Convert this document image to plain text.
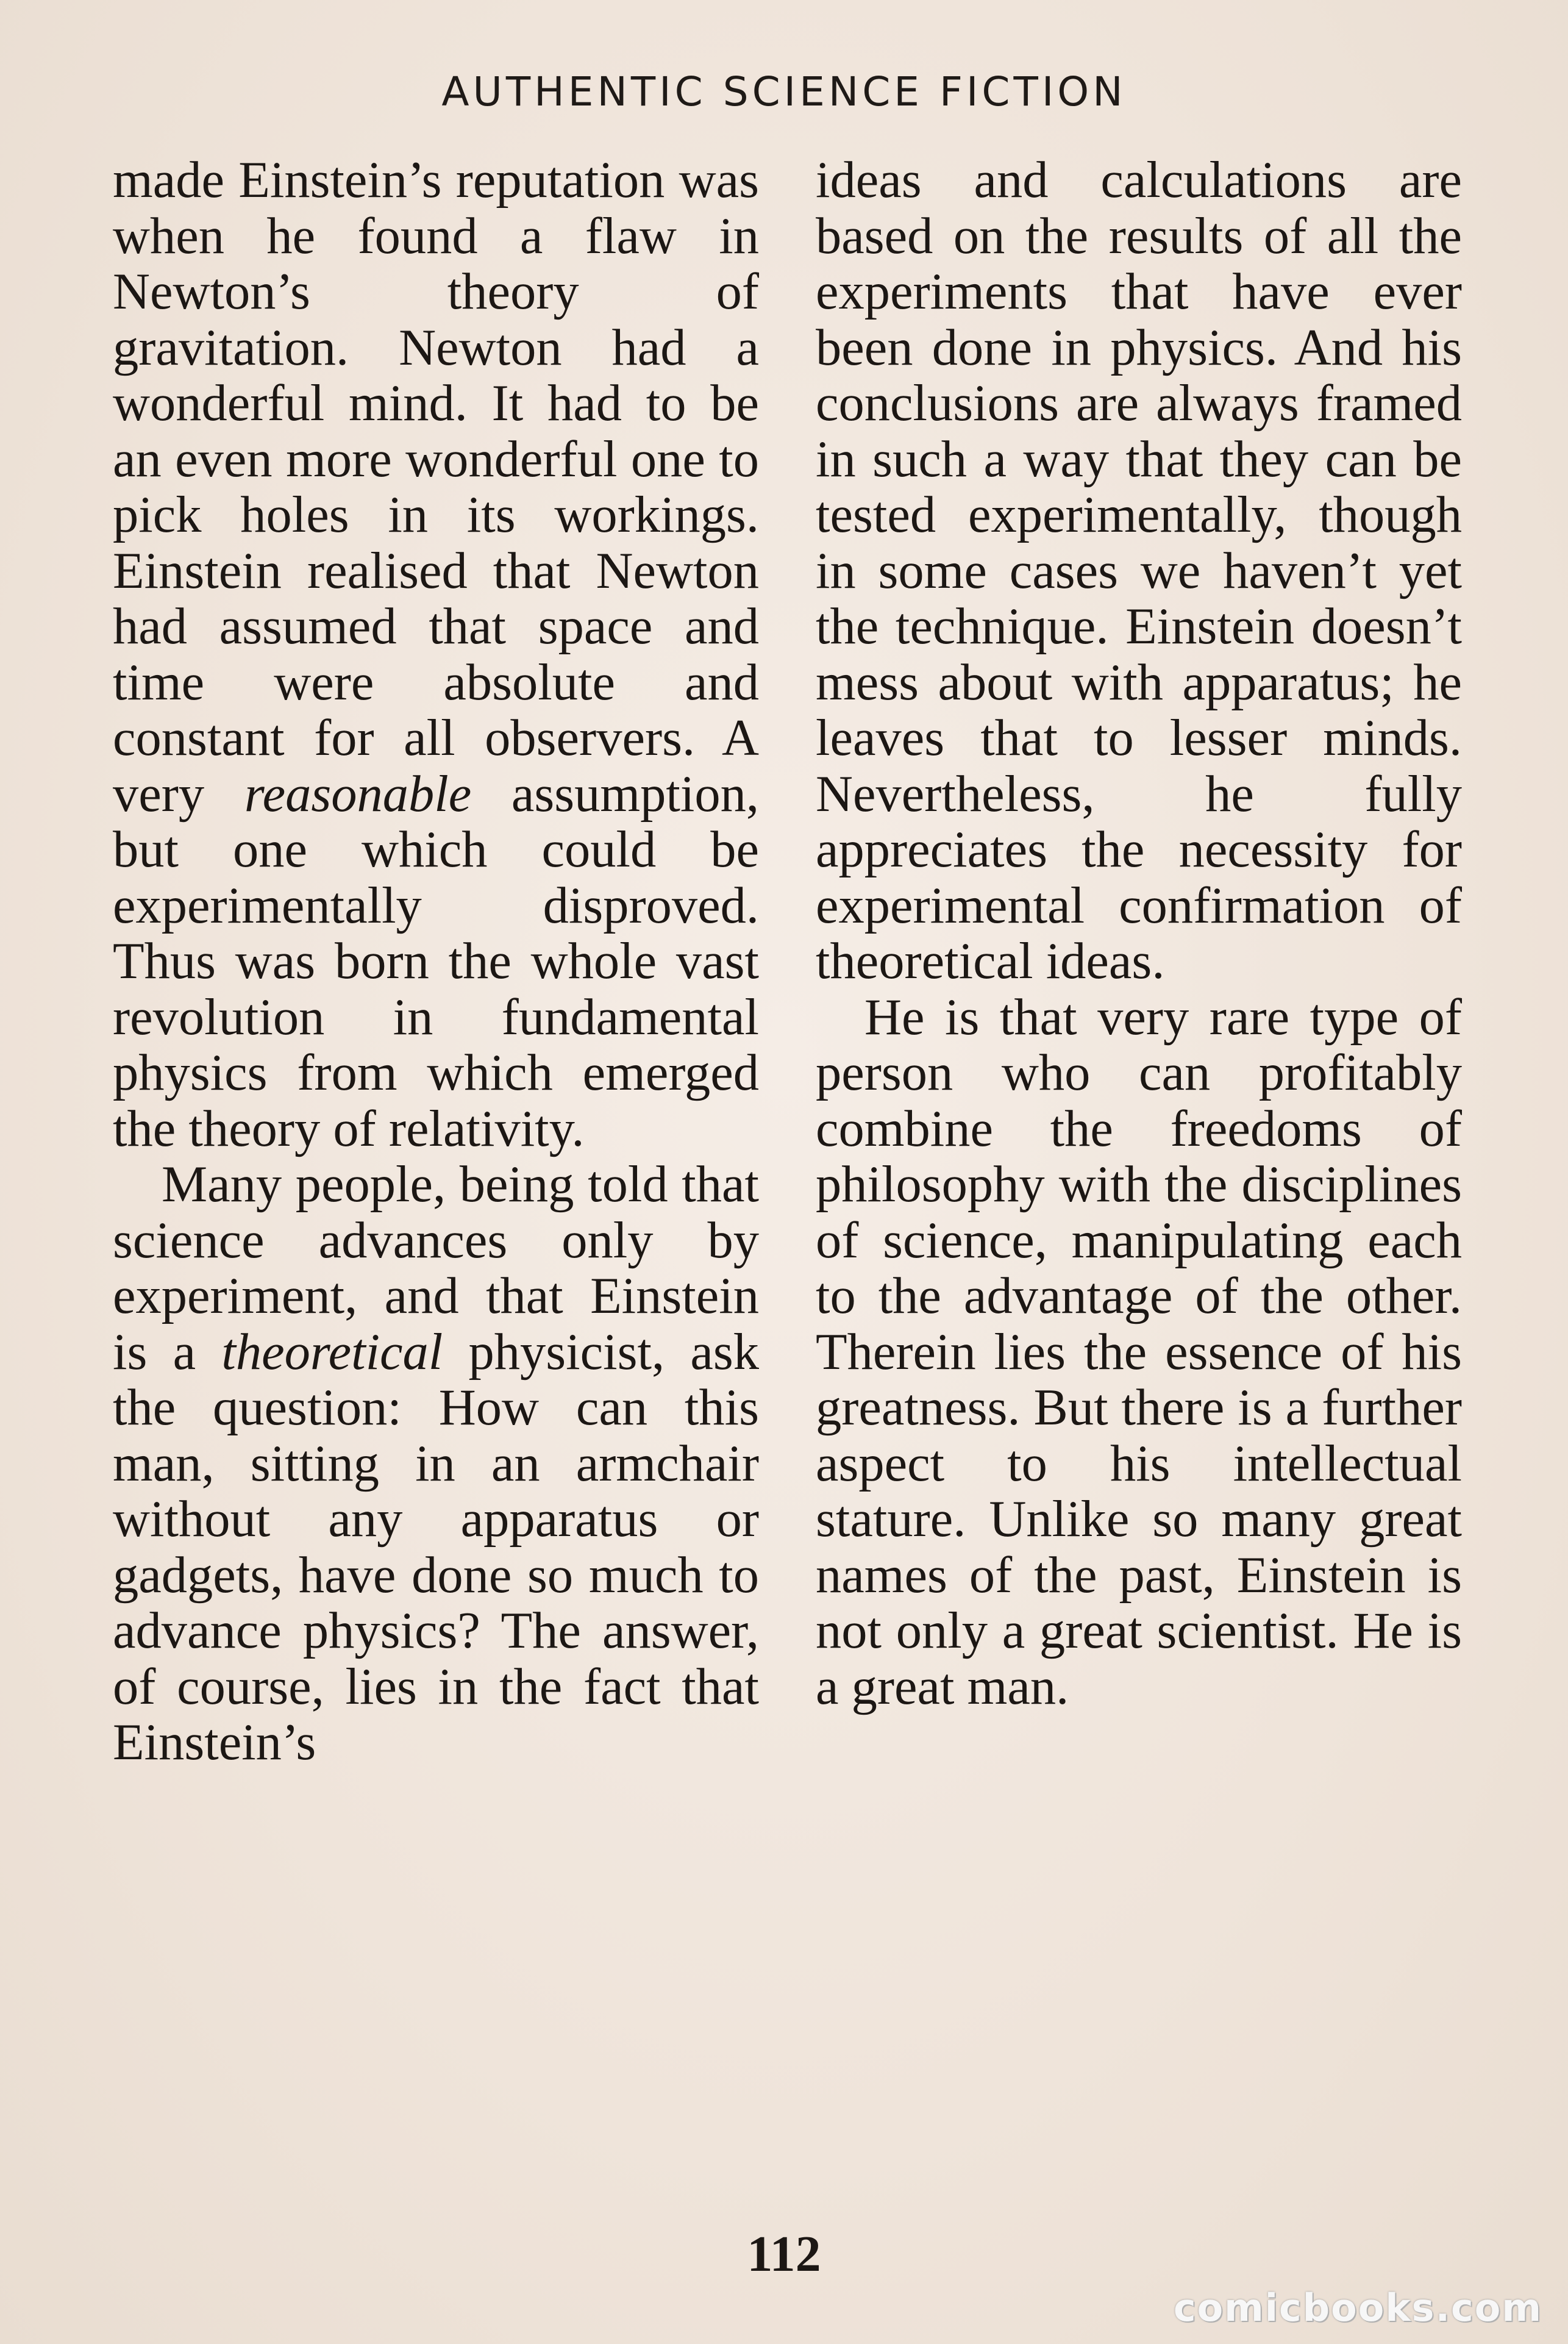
AUTHENTIC SCIENCE FICTION

made Einstein’s reputation was when he found a flaw in Newton’s theory of gravitation. Newton had a wonderful mind. It had to be an even more wonderful one to pick holes in its workings. Einstein realised that Newton had assumed that space and time were absolute and constant for all observers. A very reasonable assumption, but one which could be experimentally disproved. Thus was born the whole vast revolution in fundamental physics from which emerged the theory of relativity.

Many people, being told that science advances only by experiment, and that Einstein is a theoretical physicist, ask the question: How can this man, sitting in an armchair without any apparatus or gadgets, have done so much to advance physics? The answer, of course, lies in the fact that Einstein’s

ideas and calculations are based on the results of all the experiments that have ever been done in physics. And his conclusions are always framed in such a way that they can be tested experimentally, though in some cases we haven’t yet the technique. Einstein doesn’t mess about with apparatus; he leaves that to lesser minds. Nevertheless, he fully appreciates the necessity for experimental confirmation of theoretical ideas.

He is that very rare type of person who can profitably combine the freedoms of philosophy with the disciplines of science, manipulating each to the advantage of the other. Therein lies the essence of his greatness. But there is a further aspect to his intellectual stature. Unlike so many great names of the past, Einstein is not only a great scientist. He is a great man.

112
comicbooks.com
